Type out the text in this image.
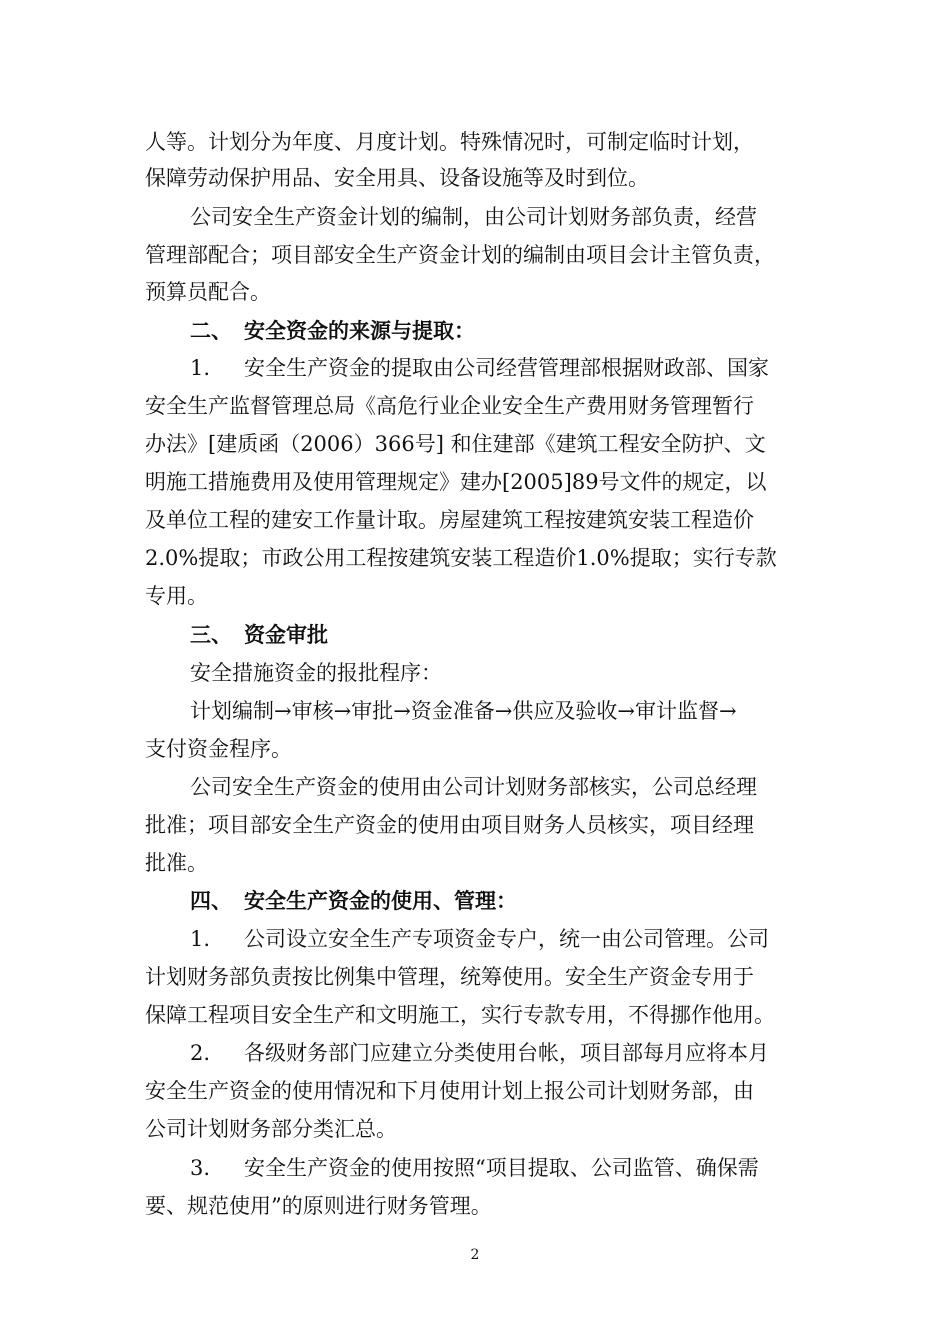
人等。计划分为年度、月度计划。特殊情况时，可制定临时计划，
保障劳动保护用品、安全用具、设备设施等及时到位。
公司安全生产资金计划的编制，由公司计划财务部负责，经营
管理部配合；项目部安全生产资金计划的编制由项目会计主管负责，
预算员配合。
二、 安全资金的来源与提取：
1. 安全生产资金的提取由公司经营管理部根据财政部、国家
安全生产监督管理总局《高危行业企业安全生产费用财务管理暂行
办法》[建质函（2006）366号] 和住建部《建筑工程安全防护、文
明施工措施费用及使用管理规定》建办[2005]89号文件的规定，以
及单位工程的建安工作量计取。房屋建筑工程按建筑安装工程造价
2.0%提取；市政公用工程按建筑安装工程造价1.0%提取；实行专款
专用。
三、 资金审批
安全措施资金的报批程序：
计划编制→审核→审批→资金准备→供应及验收→审计监督→
支付资金程序。
公司安全生产资金的使用由公司计划财务部核实，公司总经理
批准；项目部安全生产资金的使用由项目财务人员核实，项目经理
批准。
四、 安全生产资金的使用、管理：
1. 公司设立安全生产专项资金专户，统一由公司管理。公司
计划财务部负责按比例集中管理，统筹使用。安全生产资金专用于
保障工程项目安全生产和文明施工，实行专款专用，不得挪作他用。
2. 各级财务部门应建立分类使用台帐，项目部每月应将本月
安全生产资金的使用情况和下月使用计划上报公司计划财务部，由
公司计划财务部分类汇总。
3. 安全生产资金的使用按照“项目提取、公司监管、确保需
要、规范使用”的原则进行财务管理。
2
